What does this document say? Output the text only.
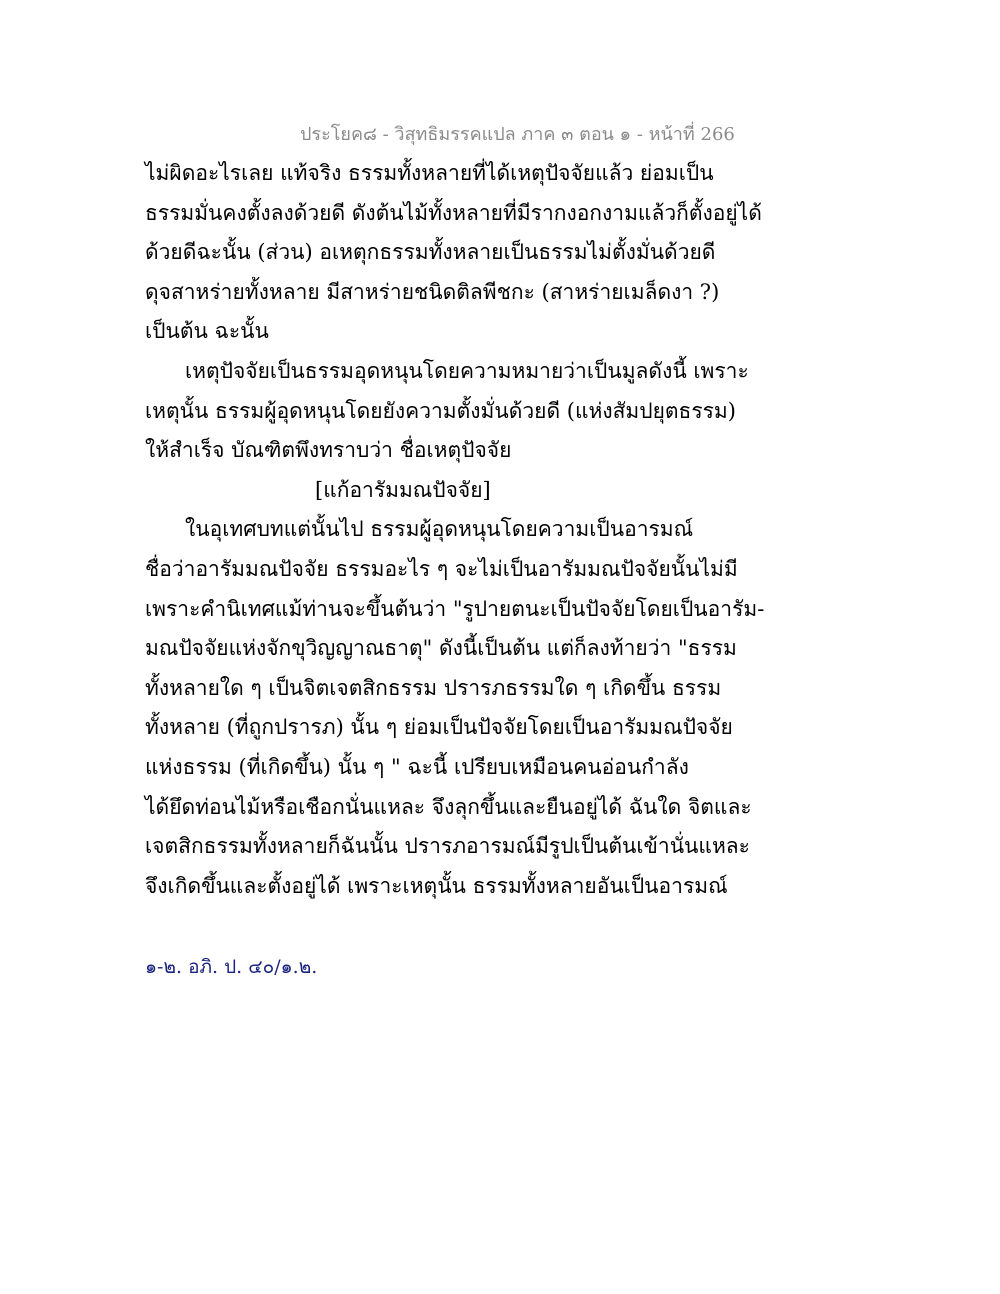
ประโยค๘ - วิสุทธิมรรคแปล ภาค ๓ ตอน ๑ - หน้าที่ 266
ไม่ผิดอะไรเลย แท้จริง ธรรมทั้งหลายที่ได้เหตุปัจจัยแล้ว ย่อมเป็น
ธรรมมั่นคงตั้งลงด้วยดี ดังต้นไม้ทั้งหลายที่มีรากงอกงามแล้วก็ตั้งอยู่ได้
ด้วยดีฉะนั้น (ส่วน) อเหตุกธรรมทั้งหลายเป็นธรรมไม่ตั้งมั่นด้วยดี
ดุจสาหร่ายทั้งหลาย มีสาหร่ายชนิดติลพีชกะ (สาหร่ายเมล็ดงา ?)
เป็นต้น ฉะนั้น
เหตุปัจจัยเป็นธรรมอุดหนุนโดยความหมายว่าเป็นมูลดังนี้ เพราะ
เหตุนั้น ธรรมผู้อุดหนุนโดยยังความตั้งมั่นด้วยดี (แห่งสัมปยุตธรรม)
ให้สำเร็จ บัณฑิตพึงทราบว่า ชื่อเหตุปัจจัย
[แก้อารัมมณปัจจัย]
ในอุเทศบทแต่นั้นไป ธรรมผู้อุดหนุนโดยความเป็นอารมณ์
ชื่อว่าอารัมมณปัจจัย ธรรมอะไร ๆ จะไม่เป็นอารัมมณปัจจัยนั้นไม่มี
เพราะคำนิเทศแม้ท่านจะขึ้นต้นว่า "รูปายตนะเป็นปัจจัยโดยเป็นอารัม-
มณปัจจัยแห่งจักขุวิญญาณธาตุ" ดังนี้เป็นต้น แต่ก็ลงท้ายว่า "ธรรม
ทั้งหลายใด ๆ เป็นจิตเจตสิกธรรม ปรารภธรรมใด ๆ เกิดขึ้น ธรรม
ทั้งหลาย (ที่ถูกปรารภ) นั้น ๆ ย่อมเป็นปัจจัยโดยเป็นอารัมมณปัจจัย
แห่งธรรม (ที่เกิดขึ้น) นั้น ๆ " ฉะนี้ เปรียบเหมือนคนอ่อนกำลัง
ได้ยึดท่อนไม้หรือเชือกนั่นแหละ จึงลุกขึ้นและยืนอยู่ได้ ฉันใด จิตและ
เจตสิกธรรมทั้งหลายก็ฉันนั้น ปรารภอารมณ์มีรูปเป็นต้นเข้านั่นแหละ
จึงเกิดขึ้นและตั้งอยู่ได้ เพราะเหตุนั้น ธรรมทั้งหลายอันเป็นอารมณ์
๑-๒. อภิ. ป. ๔๐/๑.๒.
